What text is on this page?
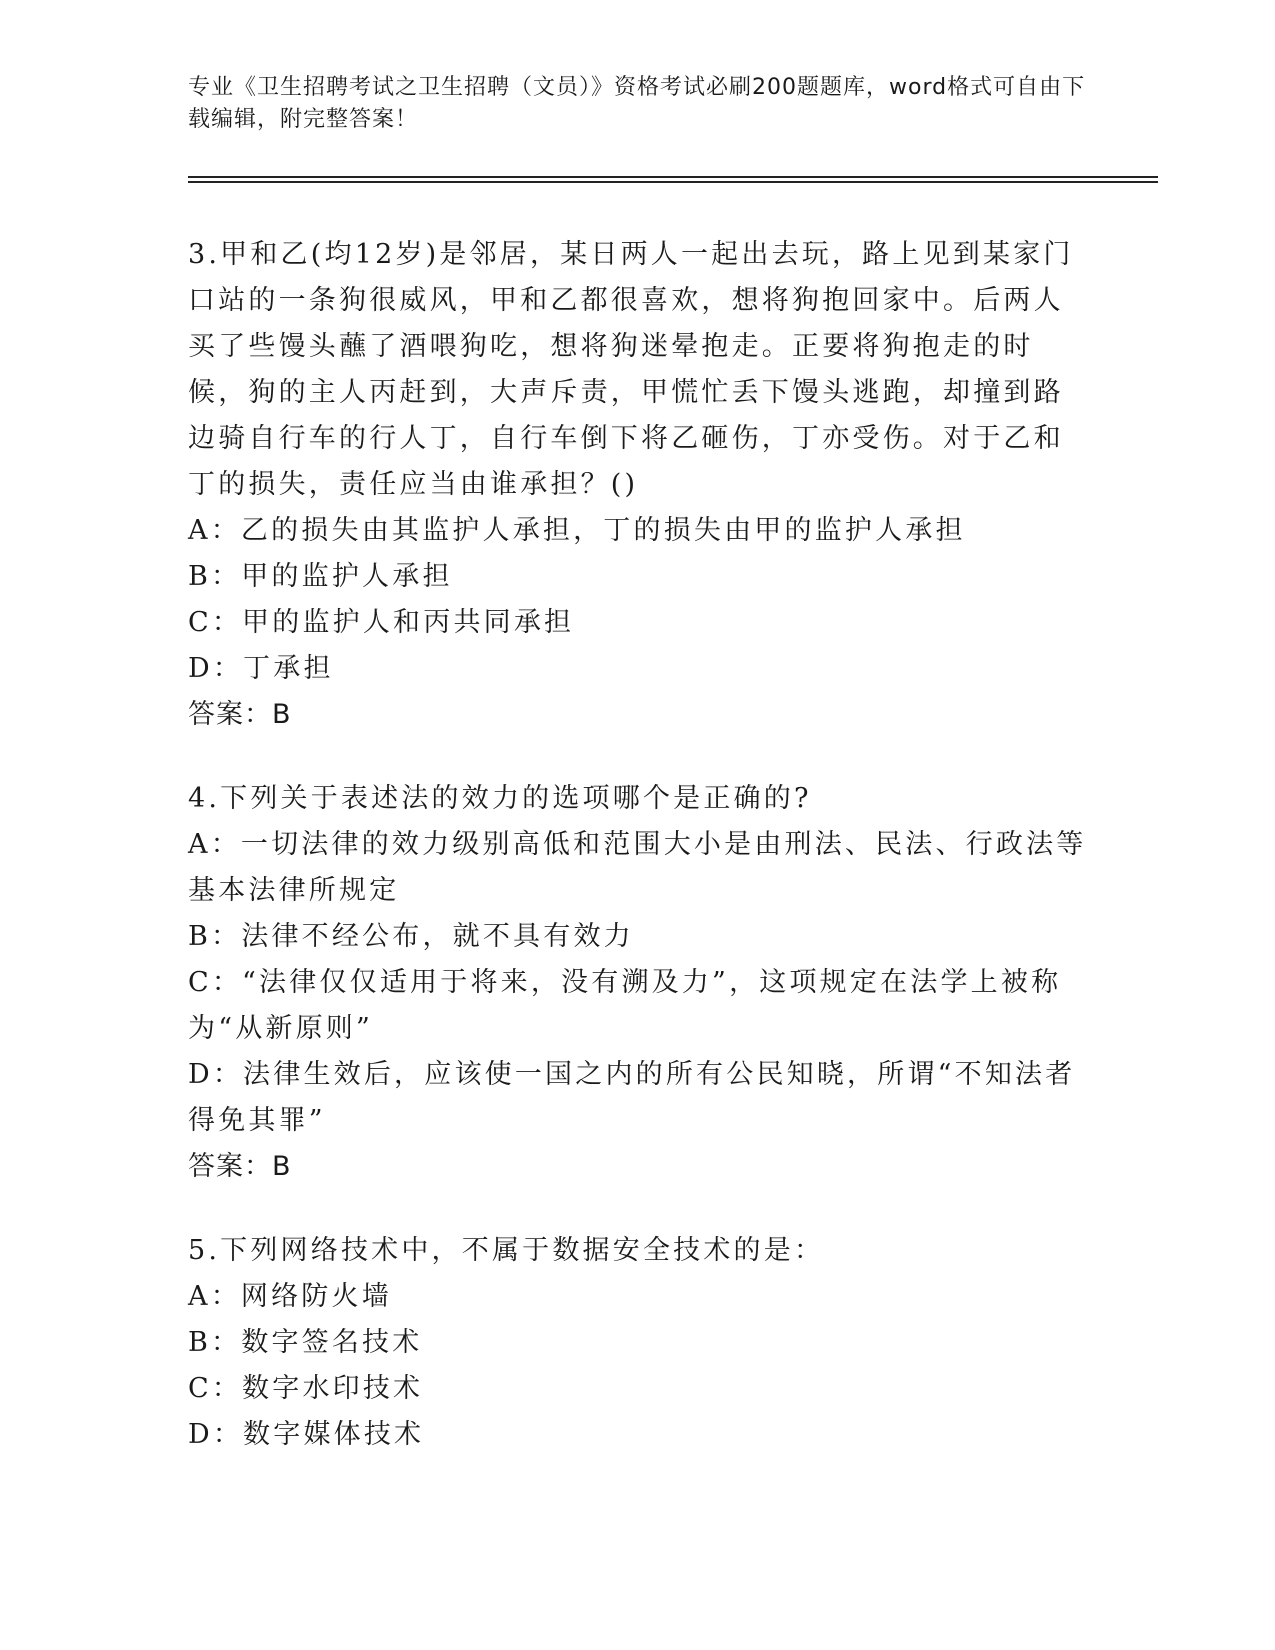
专业《卫生招聘考试之卫生招聘（文员）》资格考试必刷200题题库，word格式可自由下载编辑，附完整答案！

3.甲和乙(均12岁)是邻居，某日两人一起出去玩，路上见到某家门口站的一条狗很威风，甲和乙都很喜欢，想将狗抱回家中。后两人买了些馒头蘸了酒喂狗吃，想将狗迷晕抱走。正要将狗抱走的时候，狗的主人丙赶到，大声斥责，甲慌忙丢下馒头逃跑，却撞到路边骑自行车的行人丁，自行车倒下将乙砸伤，丁亦受伤。对于乙和丁的损失，责任应当由谁承担？()

A：乙的损失由其监护人承担，丁的损失由甲的监护人承担

B：甲的监护人承担

C：甲的监护人和丙共同承担

D：丁承担

答案：B

4.下列关于表述法的效力的选项哪个是正确的?

A：一切法律的效力级别高低和范围大小是由刑法、民法、行政法等基本法律所规定

B：法律不经公布，就不具有效力

C：“法律仅仅适用于将来，没有溯及力”，这项规定在法学上被称为“从新原则”

D：法律生效后，应该使一国之内的所有公民知晓，所谓“不知法者得免其罪”

答案：B

5.下列网络技术中，不属于数据安全技术的是：

A：网络防火墙

B：数字签名技术

C：数字水印技术

D：数字媒体技术
